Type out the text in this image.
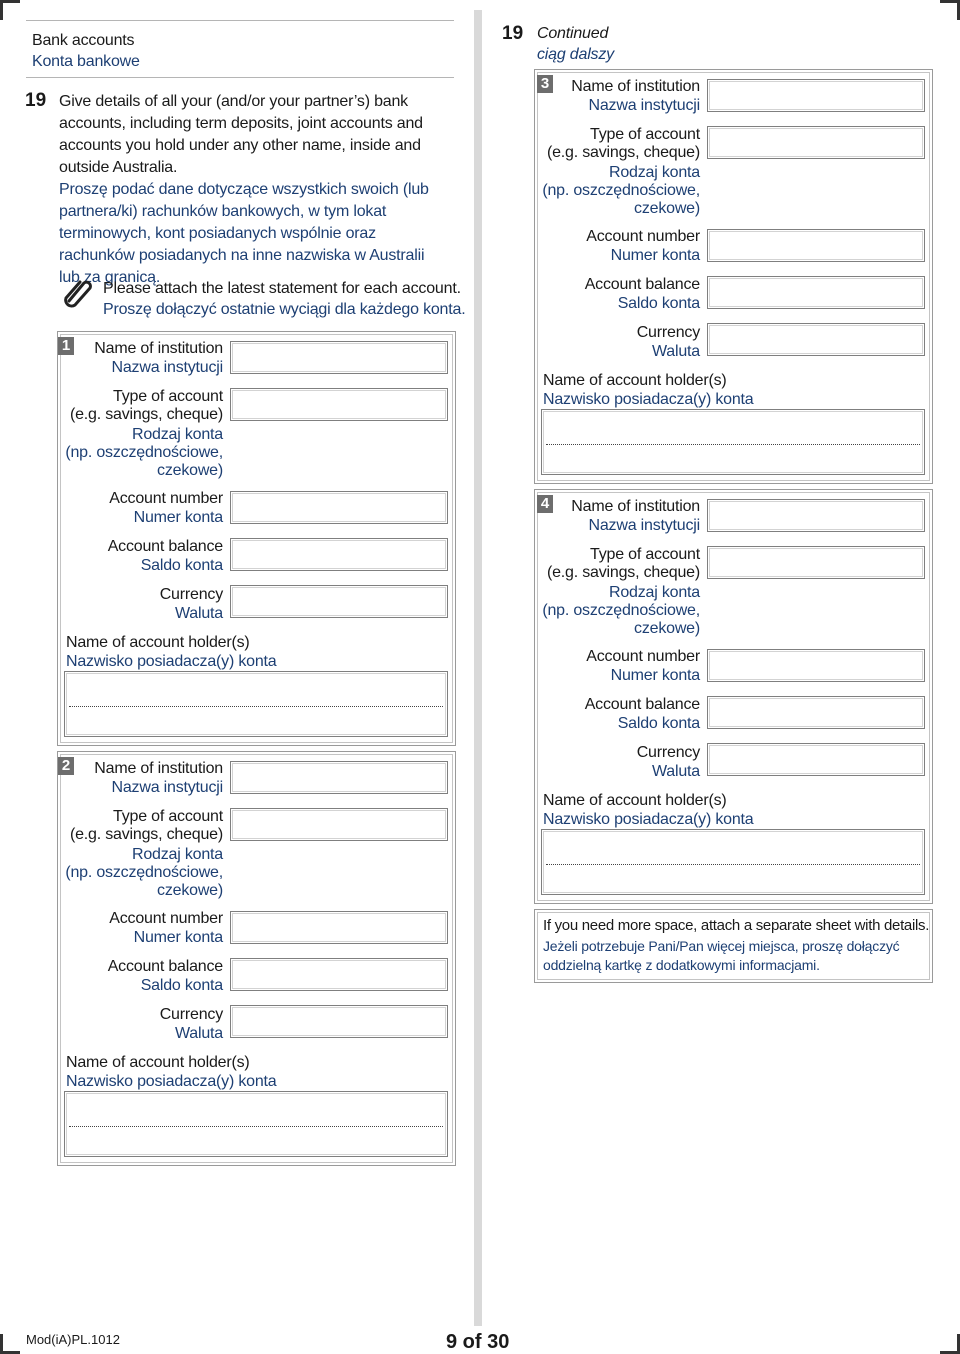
Bank accounts
Konta bankowe
19 Give details of all your (and/or your partner’s) bank accounts, including term deposits, joint accounts and accounts you hold under any other name, inside and outside Australia.
Proszę podać dane dotyczące wszystkich swoich (lub partnera/ki) rachunków bankowych, w tym lokat terminowych, kont posiadanych wspólnie oraz rachunków posiadanych na inne nazwiska w Australii lub za granicą.
Please attach the latest statement for each account.
Proszę dołączyć ostatnie wyciągi dla każdego konta.
1	Name of institution
Nazwa instytucji
Type of account
(e.g. savings, cheque)
Rodzaj konta
(np. oszczędnościowe,
czekowe)
Account number
Numer konta
Account balance
Saldo konta
Currency
Waluta
Name of account holder(s)
Nazwisko posiadacza(y) konta
2	Name of institution
Nazwa instytucji
Type of account
(e.g. savings, cheque)
Rodzaj konta
(np. oszczędnościowe,
czekowe)
Account number
Numer konta
Account balance
Saldo konta
Currency
Waluta
Name of account holder(s)
Nazwisko posiadacza(y) konta
19 Continued
ciąg dalszy
3	Name of institution
Nazwa instytucji
Type of account
(e.g. savings, cheque)
Rodzaj konta
(np. oszczędnościowe,
czekowe)
Account number
Numer konta
Account balance
Saldo konta
Currency
Waluta
Name of account holder(s)
Nazwisko posiadacza(y) konta
4	Name of institution
Nazwa instytucji
Type of account
(e.g. savings, cheque)
Rodzaj konta
(np. oszczędnościowe,
czekowe)
Account number
Numer konta
Account balance
Saldo konta
Currency
Waluta
Name of account holder(s)
Nazwisko posiadacza(y) konta
If you need more space, attach a separate sheet with details.
Jeżeli potrzebuje Pani/Pan więcej miejsca, proszę dołączyć
oddzielną kartkę z dodatkowymi informacjami.
Mod(iA)PL.1012	9 of 30
